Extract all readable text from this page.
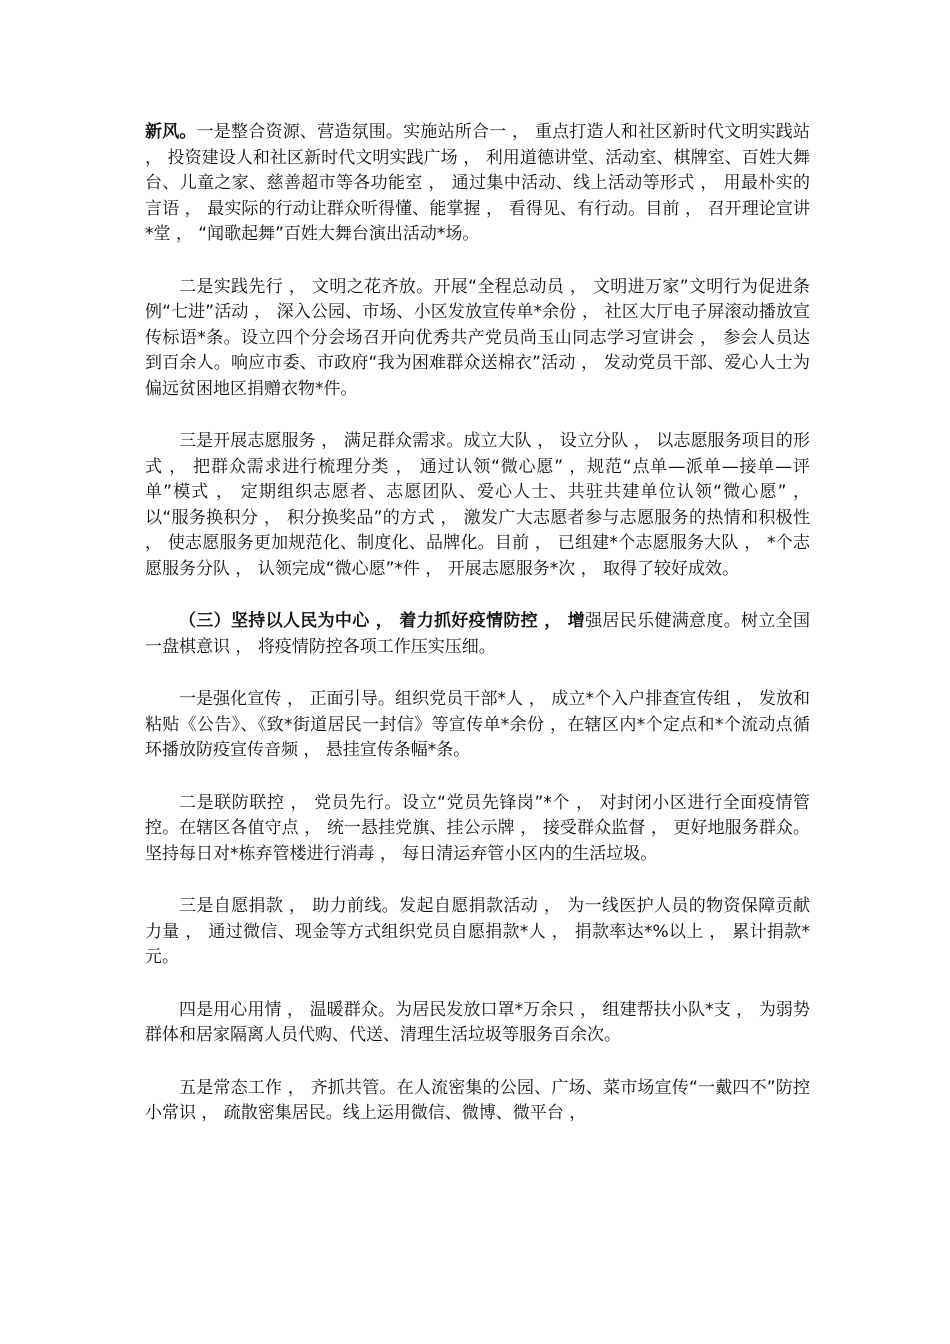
新风。一是整合资源、营造氛围。实施站所合一 ， 重点打造人和社区新时代文明实践站 ， 投资建设人和社区新时代文明实践广场 ， 利用道德讲堂、活动室、棋牌室、百姓大舞台、儿童之家、慈善超市等各功能室 ， 通过集中活动、线上活动等形式 ， 用最朴实的言语 ， 最实际的行动让群众听得懂、能掌握 ， 看得见、有行动。目前 ， 召开理论宣讲*堂 ， “闻歌起舞”百姓大舞台演出活动*场。

二是实践先行 ， 文明之花齐放。开展“全程总动员 ， 文明进万家”文明行为促进条例“七进”活动 ， 深入公园、市场、小区发放宣传单*余份 ， 社区大厅电子屏滚动播放宣传标语*条。设立四个分会场召开向优秀共产党员尚玉山同志学习宣讲会 ， 参会人员达到百余人。响应市委、市政府“我为困难群众送棉衣”活动 ， 发动党员干部、爱心人士为偏远贫困地区捐赠衣物*件。

三是开展志愿服务 ， 满足群众需求。成立大队 ， 设立分队 ， 以志愿服务项目的形式 ， 把群众需求进行梳理分类 ， 通过认领“微心愿” ，规范“点单—派单—接单—评单”模式 ， 定期组织志愿者、志愿团队、爱心人士、共驻共建单位认领“微心愿” ， 以“服务换积分 ， 积分换奖品”的方式 ， 激发广大志愿者参与志愿服务的热情和积极性 ， 使志愿服务更加规范化、制度化、品牌化。目前 ， 已组建*个志愿服务大队 ， *个志愿服务分队 ， 认领完成“微心愿”*件 ， 开展志愿服务*次 ， 取得了较好成效。

（三）坚持以人民为中心 ， 着力抓好疫情防控 ， 增强居民乐健满意度。树立全国一盘棋意识 ， 将疫情防控各项工作压实压细。

一是强化宣传 ， 正面引导。组织党员干部*人 ， 成立*个入户排查宣传组 ， 发放和粘贴《公告》、《致*街道居民一封信》等宣传单*余份 ，在辖区内*个定点和*个流动点循环播放防疫宣传音频 ， 悬挂宣传条幅*条。

二是联防联控 ， 党员先行。设立“党员先锋岗”*个 ， 对封闭小区进行全面疫情管控。在辖区各值守点 ， 统一悬挂党旗、挂公示牌 ， 接受群众监督 ， 更好地服务群众。坚持每日对*栋弃管楼进行消毒 ， 每日清运弃管小区内的生活垃圾。

三是自愿捐款 ， 助力前线。发起自愿捐款活动 ， 为一线医护人员的物资保障贡献力量 ， 通过微信、现金等方式组织党员自愿捐款*人 ， 捐款率达*%以上 ， 累计捐款*元。

四是用心用情 ， 温暖群众。为居民发放口罩*万余只 ， 组建帮扶小队*支 ， 为弱势群体和居家隔离人员代购、代送、清理生活垃圾等服务百余次。

五是常态工作 ， 齐抓共管。在人流密集的公园、广场、菜市场宣传“一戴四不”防控小常识 ， 疏散密集居民。线上运用微信、微博、微平台 ，
